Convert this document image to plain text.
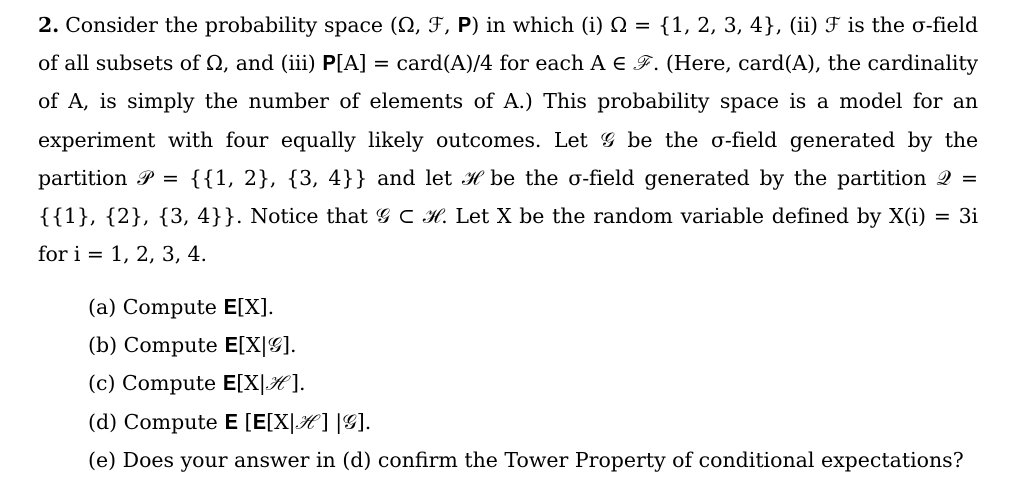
2. Consider the probability space (Ω, ℱ, 𝐏) in which (i) Ω = {1, 2, 3, 4}, (ii) ℱ is the σ-field of all subsets of Ω, and (iii) 𝐏[A] = card(A)/4 for each A ∈ ℱ. (Here, card(A), the cardinality of A, is simply the number of elements of A.) This probability space is a model for an experiment with four equally likely outcomes. Let 𝒢 be the σ-field generated by the partition 𝒫 = {{1, 2}, {3, 4}} and let ℋ be the σ-field generated by the partition 𝒬 = {{1}, {2}, {3, 4}}. Notice that 𝒢 ⊂ ℋ. Let X be the random variable defined by X(i) = 3i for i = 1, 2, 3, 4.
(a) Compute 𝐄[X].
(b) Compute 𝐄[X|𝒢].
(c) Compute 𝐄[X|ℋ].
(d) Compute 𝐄 [𝐄[X|ℋ] |𝒢].
(e) Does your answer in (d) confirm the Tower Property of conditional expectations?
